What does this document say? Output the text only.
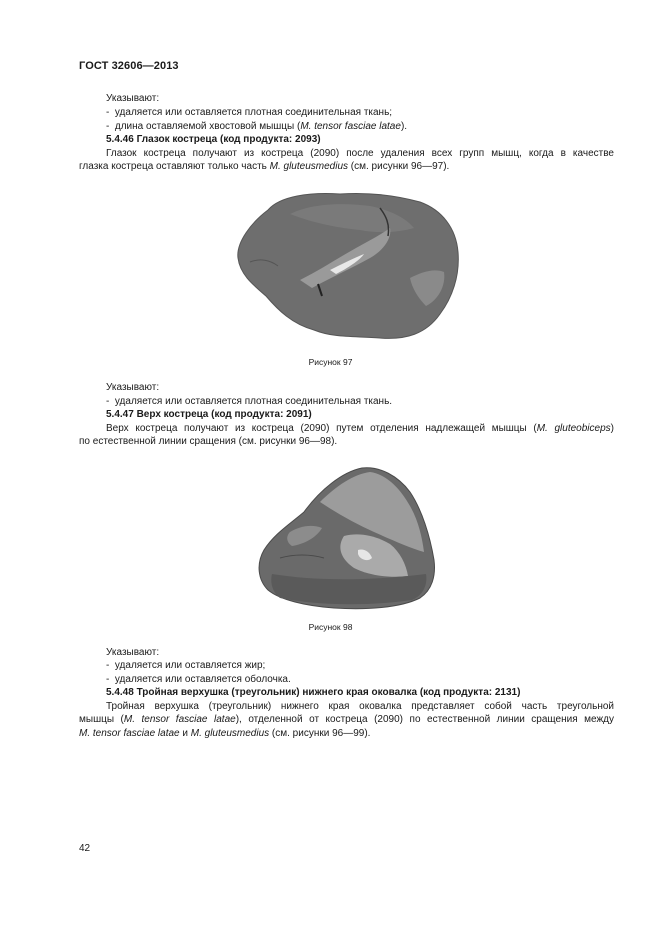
ГОСТ 32606—2013
Указывают:
-  удаляется или оставляется плотная соединительная ткань;
-  длина оставляемой хвостовой мышцы (M. tensor fasciae latae).
5.4.46 Глазок костреца (код продукта: 2093)
Глазок костреца получают из кострецa (2090) после удаления всех групп мышц, когда в качестве
глазка кострецa оставляют только часть M. gluteusmedius (см. рисунки 96—97).
Рисунок 97
Указывают:
-  удаляется или оставляется плотная соединительная ткань.
5.4.47 Верх кострецa (код продукта: 2091)
Верх кострецa получают из кострецa (2090) путем отделения надлежащей мышцы (M. gluteobiceps)
по естественной линии сращения (см. рисунки 96—98).
Рисунок 98
Указывают:
-  удаляется или оставляется жир;
-  удаляется или оставляется оболочка.
5.4.48 Тройная верхушка (треугольник) нижнего края оковалка (код продукта: 2131)
Тройная верхушка (треугольник) нижнего края оковалка представляет собой часть треугольной
мышцы (M. tensor fasciae latae), отделенной от кострецa (2090) по естественной линии сращения между
M. tensor fasciae latae и M. gluteusmedius (см. рисунки 96—99).
42
